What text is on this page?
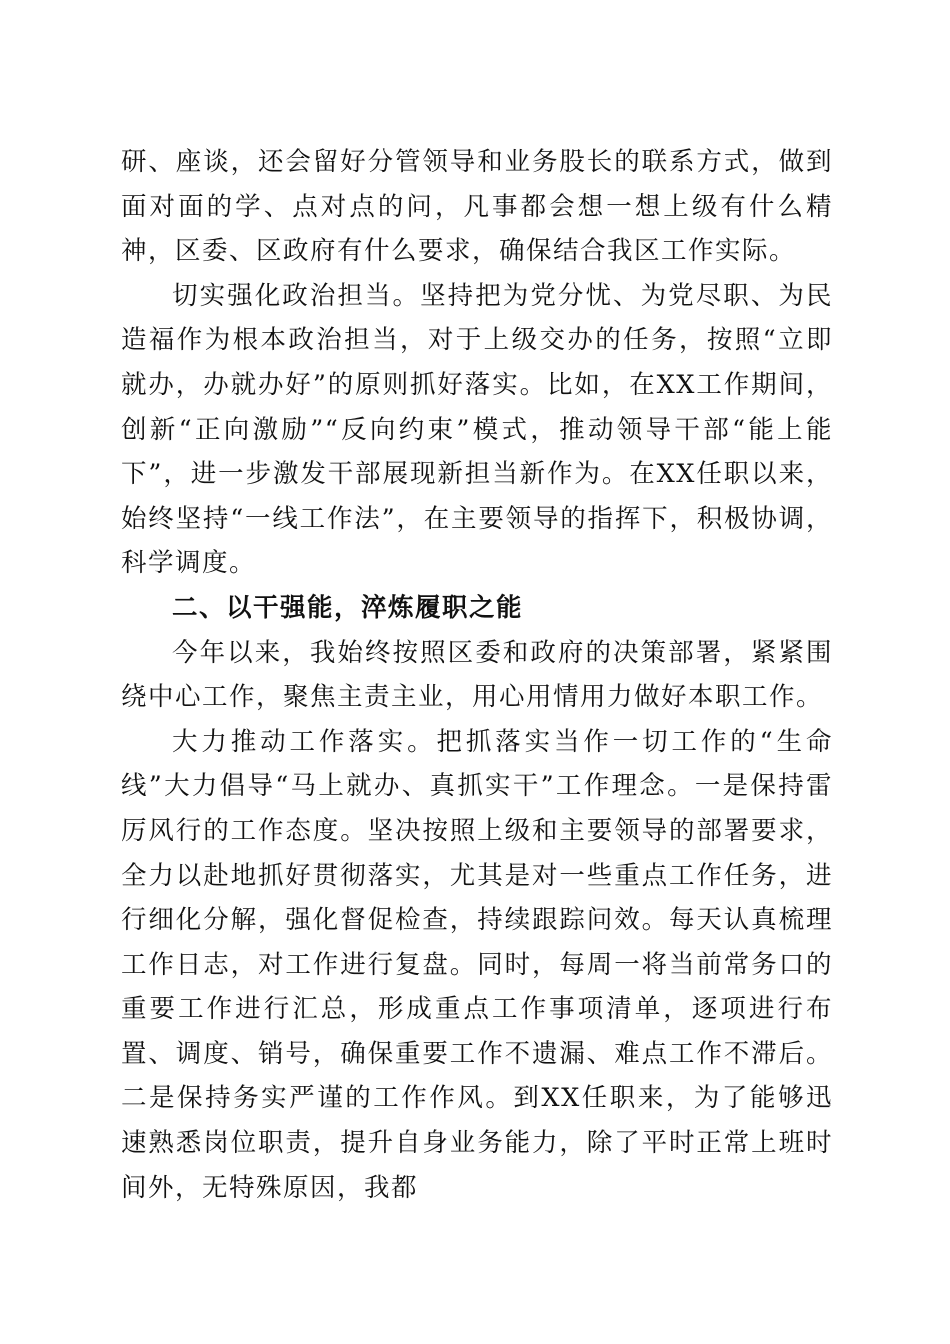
研、座谈，还会留好分管领导和业务股长的联系方式，做到面对面的学、点对点的问，凡事都会想一想上级有什么精神，区委、区政府有什么要求，确保结合我区工作实际。

切实强化政治担当。坚持把为党分忧、为党尽职、为民造福作为根本政治担当，对于上级交办的任务，按照“立即就办，办就办好”的原则抓好落实。比如，在XX工作期间，创新“正向激励”“反向约束”模式，推动领导干部“能上能下”，进一步激发干部展现新担当新作为。在XX任职以来，始终坚持“一线工作法”，在主要领导的指挥下，积极协调，科学调度。

二、以干强能，淬炼履职之能

今年以来，我始终按照区委和政府的决策部署，紧紧围绕中心工作，聚焦主责主业，用心用情用力做好本职工作。

大力推动工作落实。把抓落实当作一切工作的“生命线”大力倡导“马上就办、真抓实干”工作理念。一是保持雷厉风行的工作态度。坚决按照上级和主要领导的部署要求，全力以赴地抓好贯彻落实，尤其是对一些重点工作任务，进行细化分解，强化督促检查，持续跟踪问效。每天认真梳理工作日志，对工作进行复盘。同时，每周一将当前常务口的重要工作进行汇总，形成重点工作事项清单，逐项进行布置、调度、销号，确保重要工作不遗漏、难点工作不滞后。二是保持务实严谨的工作作风。到XX任职来，为了能够迅速熟悉岗位职责，提升自身业务能力，除了平时正常上班时间外，无特殊原因，我都
